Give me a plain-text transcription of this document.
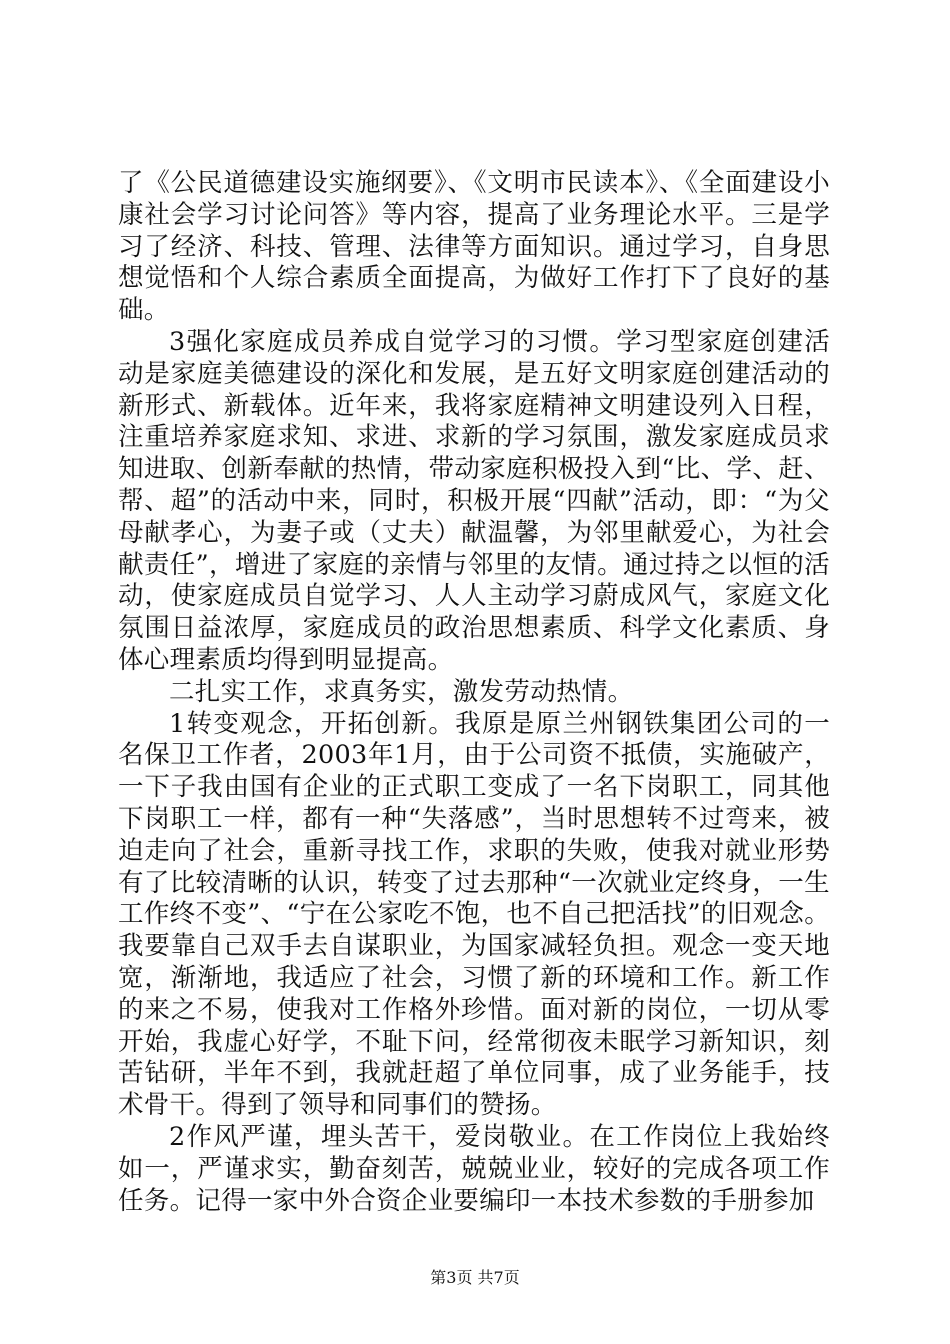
了《公民道德建设实施纲要》、《文明市民读本》、《全面建设小康社会学习讨论问答》等内容，提高了业务理论水平。三是学习了经济、科技、管理、法律等方面知识。通过学习，自身思想觉悟和个人综合素质全面提高，为做好工作打下了良好的基础。

3强化家庭成员养成自觉学习的习惯。学习型家庭创建活动是家庭美德建设的深化和发展，是五好文明家庭创建活动的新形式、新载体。近年来，我将家庭精神文明建设列入日程，注重培养家庭求知、求进、求新的学习氛围，激发家庭成员求知进取、创新奉献的热情，带动家庭积极投入到“比、学、赶、帮、超”的活动中来，同时，积极开展“四献”活动，即：“为父母献孝心，为妻子或（丈夫）献温馨，为邻里献爱心，为社会献责任”，增进了家庭的亲情与邻里的友情。通过持之以恒的活动，使家庭成员自觉学习、人人主动学习蔚成风气，家庭文化氛围日益浓厚，家庭成员的政治思想素质、科学文化素质、身体心理素质均得到明显提高。

二扎实工作，求真务实，激发劳动热情。

1转变观念，开拓创新。我原是原兰州钢铁集团公司的一名保卫工作者，2003年1月，由于公司资不抵债，实施破产，一下子我由国有企业的正式职工变成了一名下岗职工，同其他下岗职工一样，都有一种“失落感”，当时思想转不过弯来，被迫走向了社会，重新寻找工作，求职的失败，使我对就业形势有了比较清晰的认识，转变了过去那种“一次就业定终身，一生工作终不变”、“宁在公家吃不饱，也不自己把活找”的旧观念。我要靠自己双手去自谋职业，为国家减轻负担。观念一变天地宽，渐渐地，我适应了社会，习惯了新的环境和工作。新工作的来之不易，使我对工作格外珍惜。面对新的岗位，一切从零开始，我虚心好学，不耻下问，经常彻夜未眠学习新知识，刻苦钻研，半年不到，我就赶超了单位同事，成了业务能手，技术骨干。得到了领导和同事们的赞扬。

2作风严谨，埋头苦干，爱岗敬业。在工作岗位上我始终如一，严谨求实，勤奋刻苦，兢兢业业，较好的完成各项工作任务。记得一家中外合资企业要编印一本技术参数的手册参加

第3页 共7页
